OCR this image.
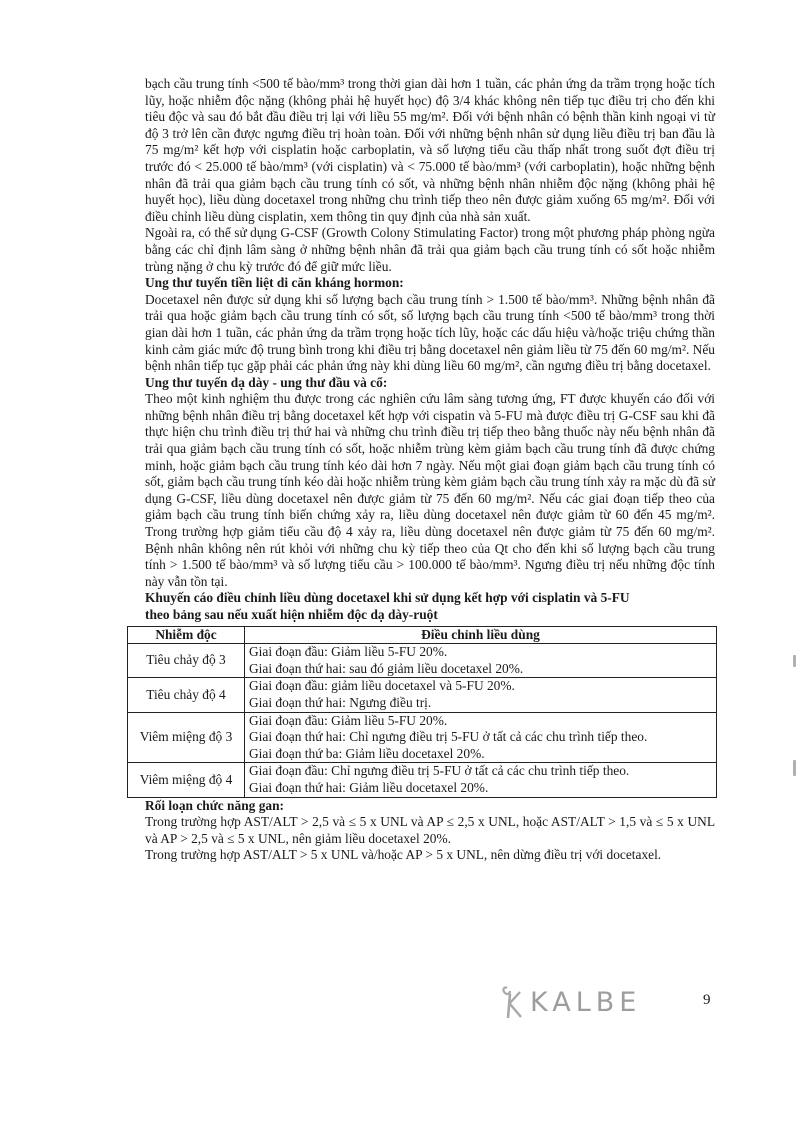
bạch cầu trung tính <500 tế bào/mm³ trong thời gian dài hơn 1 tuần, các phản ứng da trầm trọng hoặc tích lũy, hoặc nhiễm độc nặng (không phải hệ huyết học) độ 3/4 khác không nên tiếp tục điều trị cho đến khi tiêu độc và sau đó bắt đầu điều trị lại với liều 55 mg/m². Đối với bệnh nhân có bệnh thần kinh ngoại vi từ độ 3 trở lên cần được ngưng điều trị hoàn toàn. Đối với những bệnh nhân sử dụng liều điều trị ban đầu là 75 mg/m² kết hợp với cisplatin hoặc carboplatin, và số lượng tiểu cầu thấp nhất trong suốt đợt điều trị trước đó < 25.000 tế bào/mm³ (với cisplatin) và < 75.000 tế bào/mm³ (với carboplatin), hoặc những bệnh nhân đã trải qua giảm bạch cầu trung tính có sốt, và những bệnh nhân nhiễm độc nặng (không phải hệ huyết học), liều dùng docetaxel trong những chu trình tiếp theo nên được giảm xuống 65 mg/m². Đối với điều chỉnh liều dùng cisplatin, xem thông tin quy định của nhà sản xuất.

Ngoài ra, có thể sử dụng G-CSF (Growth Colony Stimulating Factor) trong một phương pháp phòng ngừa bằng các chỉ định lâm sàng ở những bệnh nhân đã trải qua giảm bạch cầu trung tính có sốt hoặc nhiễm trùng nặng ở chu kỳ trước đó để giữ mức liều.

Ung thư tuyến tiền liệt di căn kháng hormon:

Docetaxel nên được sử dụng khi số lượng bạch cầu trung tính > 1.500 tế bào/mm³. Những bệnh nhân đã trải qua hoặc giảm bạch cầu trung tính có sốt, số lượng bạch cầu trung tính <500 tế bào/mm³ trong thời gian dài hơn 1 tuần, các phản ứng da trầm trọng hoặc tích lũy, hoặc các dấu hiệu và/hoặc triệu chứng thần kinh cảm giác mức độ trung bình trong khi điều trị bằng docetaxel nên giảm liều từ 75 đến 60 mg/m². Nếu bệnh nhân tiếp tục gặp phải các phản ứng này khi dùng liều 60 mg/m², cần ngưng điều trị bằng docetaxel.

Ung thư tuyến dạ dày - ung thư đầu và cổ:

Theo một kinh nghiệm thu được trong các nghiên cứu lâm sàng tương ứng, FT được khuyến cáo đối với những bệnh nhân điều trị bằng docetaxel kết hợp với cispatin và 5-FU mà được điều trị G-CSF sau khi đã thực hiện chu trình điều trị thứ hai và những chu trình điều trị tiếp theo bằng thuốc này nếu bệnh nhân đã trải qua giảm bạch cầu trung tính có sốt, hoặc nhiễm trùng kèm giảm bạch cầu trung tính đã được chứng minh, hoặc giảm bạch cầu trung tính kéo dài hơn 7 ngày. Nếu một giai đoạn giảm bạch cầu trung tính có sốt, giảm bạch cầu trung tính kéo dài hoặc nhiễm trùng kèm giảm bạch cầu trung tính xảy ra mặc dù đã sử dụng G-CSF, liều dùng docetaxel nên được giảm từ 75 đến 60 mg/m². Nếu các giai đoạn tiếp theo của giảm bạch cầu trung tính biến chứng xảy ra, liều dùng docetaxel nên được giảm từ 60 đến 45 mg/m². Trong trường hợp giảm tiểu cầu độ 4 xảy ra, liều dùng docetaxel nên được giảm từ 75 đến 60 mg/m². Bệnh nhân không nên rút khỏi với những chu kỳ tiếp theo của Qt cho đến khi số lượng bạch cầu trung tính > 1.500 tế bào/mm³ và số lượng tiểu cầu > 100.000 tế bào/mm³. Ngưng điều trị nếu những độc tính này vẫn tồn tại.

Khuyến cáo điều chỉnh liều dùng docetaxel khi sử dụng kết hợp với cisplatin và 5-FU

theo bảng sau nếu xuất hiện nhiễm độc dạ dày-ruột

Nhiễm độc	Điều chỉnh liều dùng
Tiêu chảy độ 3	Giai đoạn đầu: Giảm liều 5-FU 20%.
Giai đoạn thứ hai: sau đó giảm liều docetaxel 20%.

Tiêu chảy độ 4	Giai đoạn đầu: giảm liều docetaxel và 5-FU 20%.
Giai đoạn thứ hai: Ngưng điều trị.

Viêm miệng độ 3	Giai đoạn đầu: Giảm liều 5-FU 20%.
Giai đoạn thứ hai: Chỉ ngưng điều trị 5-FU ở tất cả các chu trình tiếp theo.
Giai đoạn thứ ba: Giảm liều docetaxel 20%.

Viêm miệng độ 4	Giai đoạn đầu: Chỉ ngưng điều trị 5-FU ở tất cả các chu trình tiếp theo.
Giai đoạn thứ hai: Giảm liều docetaxel 20%.

Rối loạn chức năng gan:

Trong trường hợp AST/ALT > 2,5 và ≤ 5 x UNL và AP ≤ 2,5 x UNL, hoặc AST/ALT > 1,5 và ≤ 5 x UNL và AP > 2,5 và ≤ 5 x UNL, nên giảm liều docetaxel 20%.

Trong trường hợp AST/ALT > 5 x UNL và/hoặc AP > 5 x UNL, nên dừng điều trị với docetaxel.

KALBE	9
